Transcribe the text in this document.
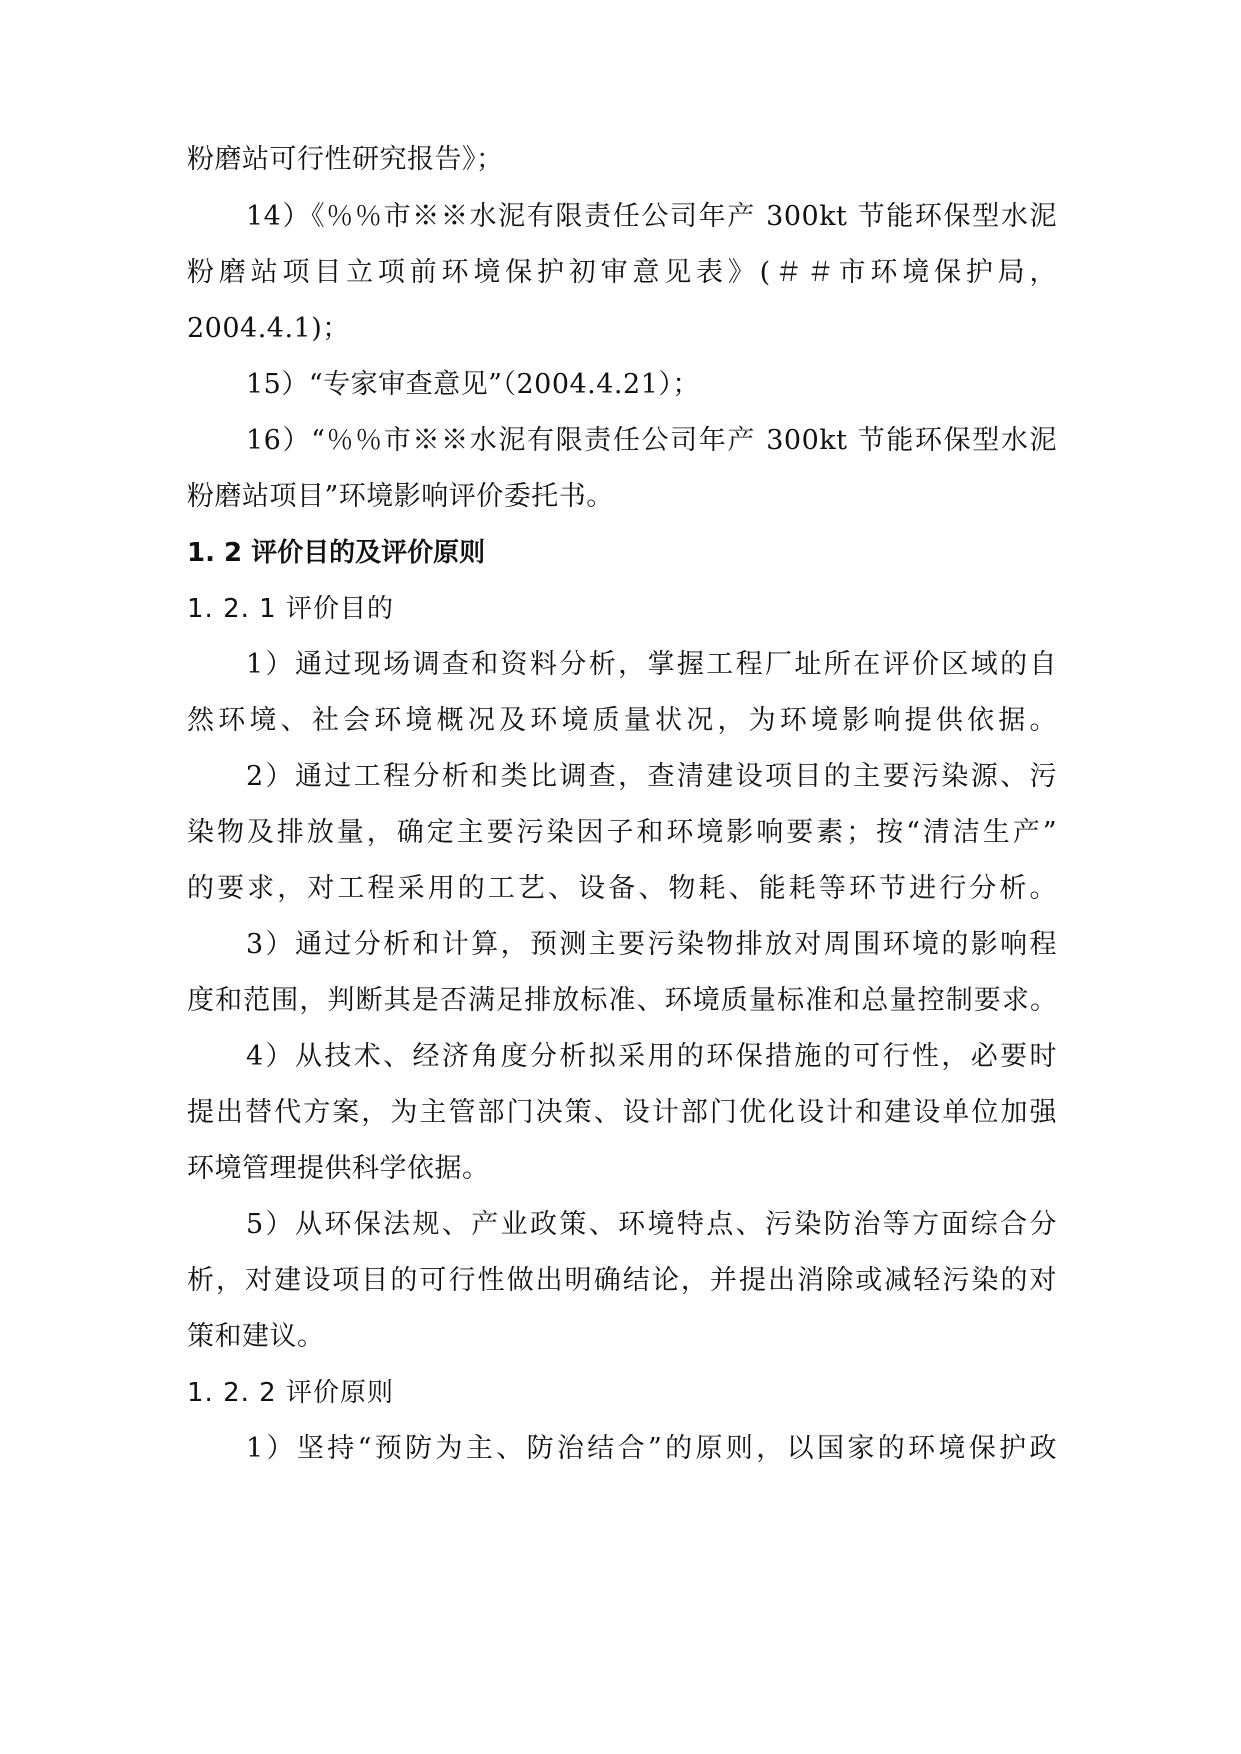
粉磨站可行性研究报告》；
14）《％％市※※水泥有限责任公司年产 300kt 节能环保型水泥
粉磨站项目立项前环境保护初审意见表》(＃＃市环境保护局，
2004.4.1)；
15）“专家审查意见”（2004.4.21）；
16）“％％市※※水泥有限责任公司年产 300kt 节能环保型水泥
粉磨站项目”环境影响评价委托书。
1. 2 评价目的及评价原则
1. 2. 1 评价目的
1）通过现场调查和资料分析，掌握工程厂址所在评价区域的自
然环境、社会环境概况及环境质量状况，为环境影响提供依据。
2）通过工程分析和类比调查，查清建设项目的主要污染源、污
染物及排放量，确定主要污染因子和环境影响要素；按“清洁生产”
的要求，对工程采用的工艺、设备、物耗、能耗等环节进行分析。
3）通过分析和计算，预测主要污染物排放对周围环境的影响程
度和范围，判断其是否满足排放标准、环境质量标准和总量控制要求。
4）从技术、经济角度分析拟采用的环保措施的可行性，必要时
提出替代方案，为主管部门决策、设计部门优化设计和建设单位加强
环境管理提供科学依据。
5）从环保法规、产业政策、环境特点、污染防治等方面综合分
析，对建设项目的可行性做出明确结论，并提出消除或减轻污染的对
策和建议。
1. 2. 2 评价原则
1）坚持“预防为主、防治结合”的原则，以国家的环境保护政
